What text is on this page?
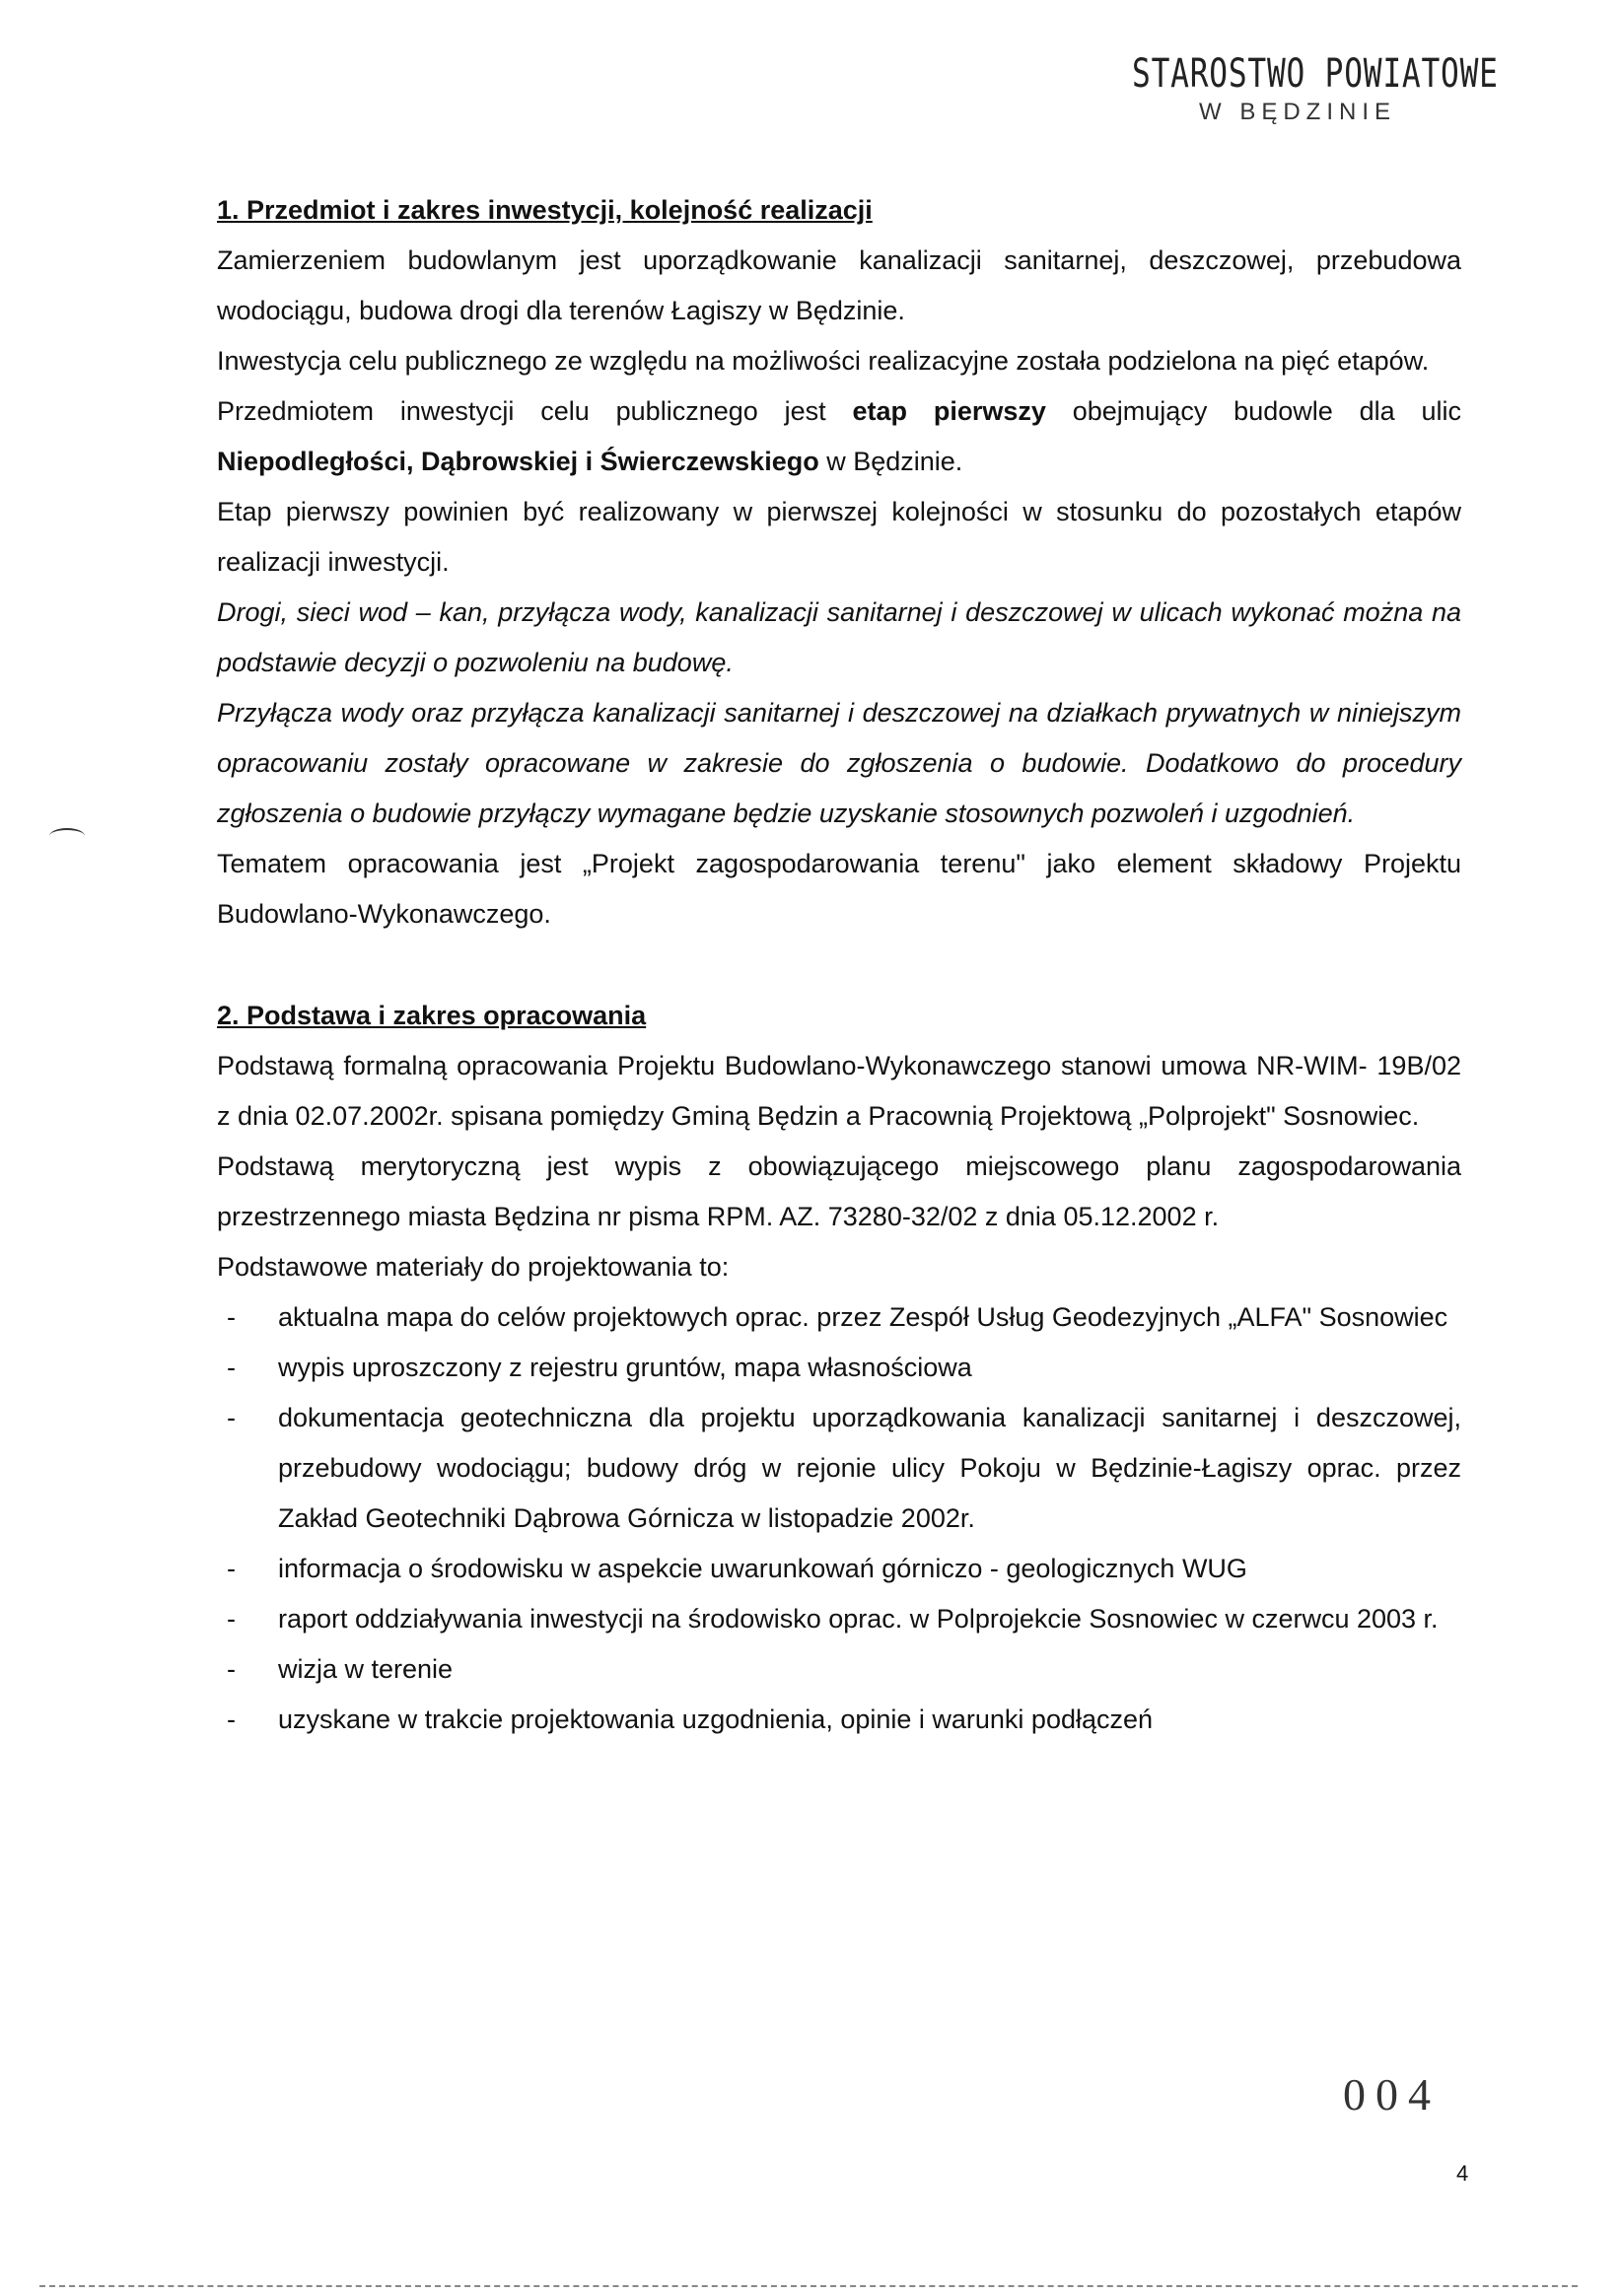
STAROSTWO POWIATOWE
W BĘDZINIE
1. Przedmiot i zakres inwestycji, kolejność realizacji

Zamierzeniem budowlanym jest uporządkowanie kanalizacji sanitarnej, deszczowej, przebudowa wodociągu, budowa drogi dla terenów Łagiszy w Będzinie.

Inwestycja celu publicznego ze względu na możliwości realizacyjne została podzielona na pięć etapów.

Przedmiotem inwestycji celu publicznego jest etap pierwszy obejmujący budowle dla ulic Niepodległości, Dąbrowskiej i Świerczewskiego w Będzinie.

Etap pierwszy powinien być realizowany w pierwszej kolejności w stosunku do pozostałych etapów realizacji inwestycji.

Drogi, sieci wod – kan, przyłącza wody, kanalizacji sanitarnej i deszczowej w ulicach wykonać można na podstawie decyzji o pozwoleniu na budowę.

Przyłącza wody oraz przyłącza kanalizacji sanitarnej i deszczowej na działkach prywatnych w niniejszym opracowaniu zostały opracowane w zakresie do zgłoszenia o budowie. Dodatkowo do procedury zgłoszenia o budowie przyłączy wymagane będzie uzyskanie stosownych pozwoleń i uzgodnień.

Tematem opracowania jest „Projekt zagospodarowania terenu" jako element składowy Projektu Budowlano-Wykonawczego.

2. Podstawa i zakres opracowania

Podstawą formalną opracowania Projektu Budowlano-Wykonawczego stanowi umowa NR-WIM- 19B/02 z dnia 02.07.2002r. spisana pomiędzy Gminą Będzin a Pracownią Projektową „Polprojekt" Sosnowiec.

Podstawą merytoryczną jest wypis z obowiązującego miejscowego planu zagospodarowania przestrzennego miasta Będzina nr pisma RPM. AZ. 73280-32/02 z dnia 05.12.2002 r.

Podstawowe materiały do projektowania to:

- aktualna mapa do celów projektowych oprac. przez Zespół Usług Geodezyjnych „ALFA" Sosnowiec
- wypis uproszczony z rejestru gruntów, mapa własnościowa
- dokumentacja geotechniczna dla projektu uporządkowania kanalizacji sanitarnej i deszczowej, przebudowy wodociągu; budowy dróg w rejonie ulicy Pokoju w Będzinie-Łagiszy oprac. przez Zakład Geotechniki Dąbrowa Górnicza w listopadzie 2002r.
- informacja o środowisku w aspekcie uwarunkowań górniczo - geologicznych WUG
- raport oddziaływania inwestycji na środowisko oprac. w Polprojekcie Sosnowiec w czerwcu 2003 r.
- wizja w terenie
- uzyskane w trakcie projektowania uzgodnienia, opinie i warunki podłączeń
004
4
